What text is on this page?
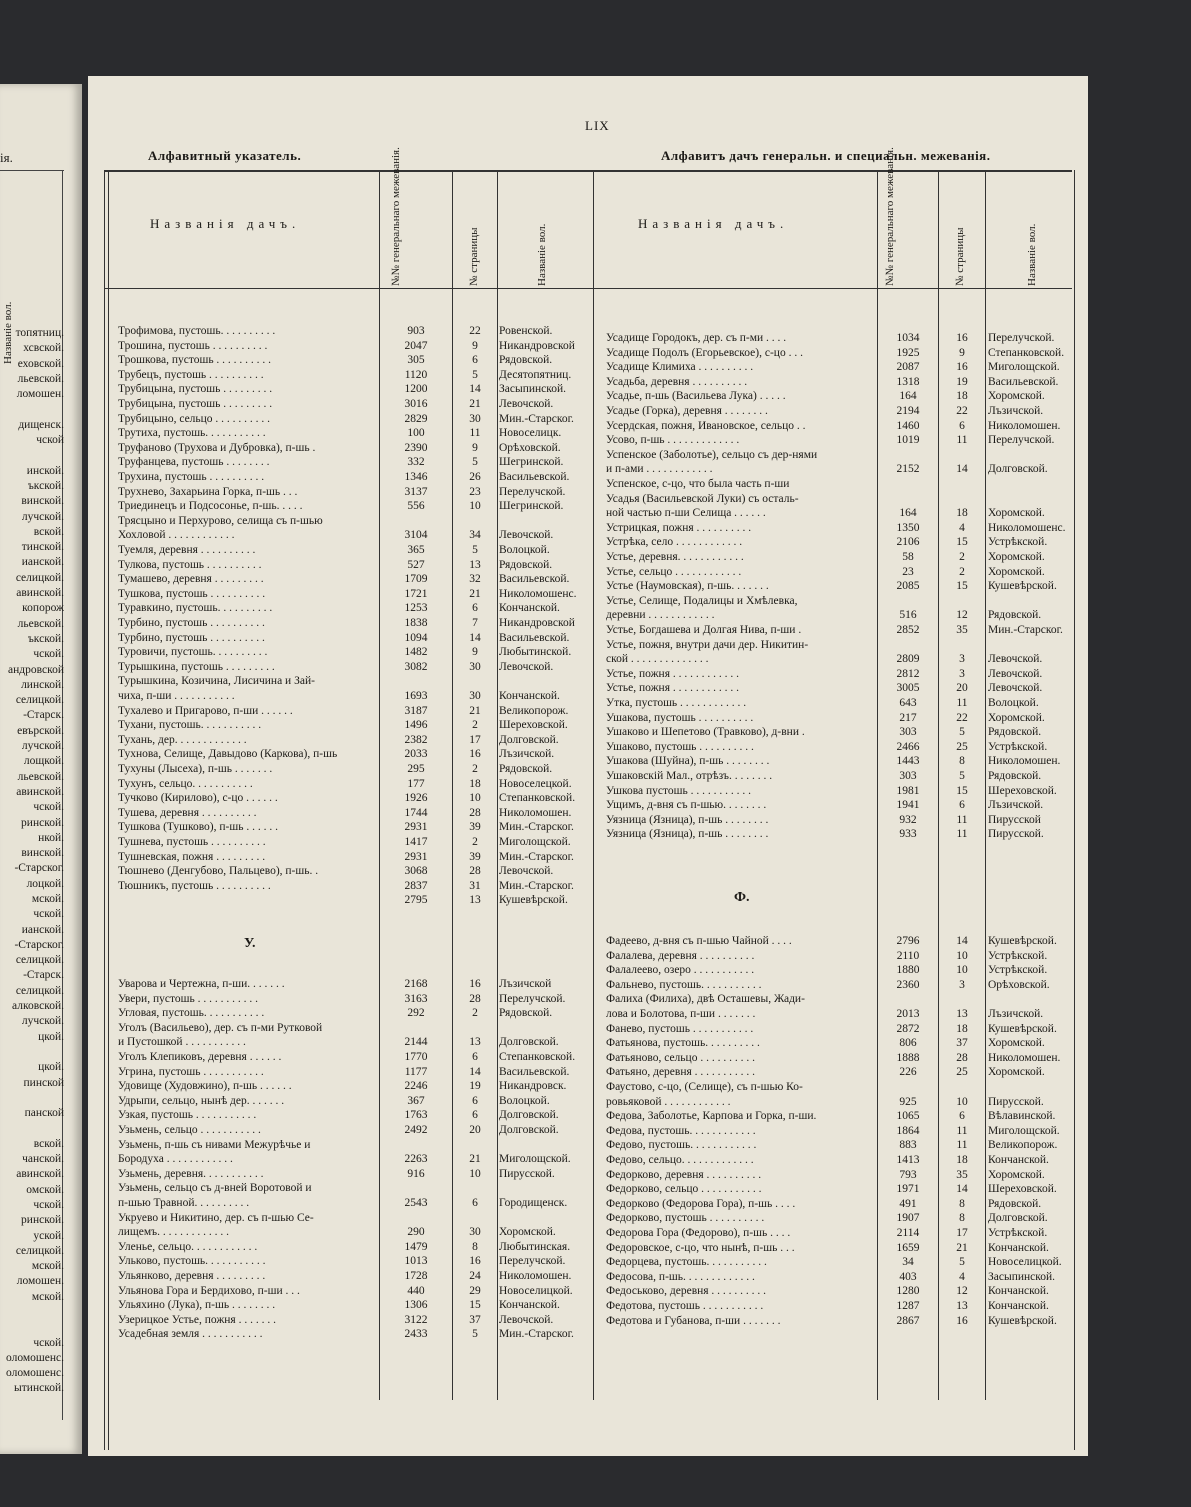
ія.
Названіе вол. топятниц.
хсвской.
еховской.
льевской.
ломошен.
дищенск.
чской
инской.
ъкской.
винской.
лучской.
вской.
тинской.
ианской.
селицкой.
авинской.
копорож
льевской.
ъкской.
чской.
андровской
линской.
селицкой.
-Старск.
евърской.
лучской.
лощкой.
льевской.
авинской.
чской.
ринской.
нкой.
винской.
-Старског.
лоцкой.
мской.
чской.
ианской.
-Старског.
селицкой.
-Старск.
селицкой.
алковской.
лучской.
цкой.
цкой.
пинской
панской
вской.
чанской.
авинской.
омской.
чской.
ринской.
уской.
селицкой.
мской.
ломошен.
мской.
чской.
оломошенс.
оломошенс.
ытинской.
LIX
Алфавитный указатель.	Алфавитъ дачъ генеральн. и специальн. межеванія.
Названія дачъ.	№№ генеральнаго межеванія.	№ страницы	Названіе вол.
Названія дачъ.	№№ генеральнаго межеванія.	№ страницы	Названіе вол.
У.
Ф.
Трофимова, пустошь. . . . . . . . . .	903	22	Ровенской.
Трошина, пустошь . . . . . . . . . .	2047	9	Никандровской
Трошкова, пустошь . . . . . . . . . .	305	6	Рядовской.
Трубецъ, пустошь . . . . . . . . . .	1120	5	Десятопятниц.
Трубицына, пустошь . . . . . . . . .	1200	14	Засыпинской.
Трубицына, пустошь . . . . . . . . .	3016	21	Левочской.
Трубицыно, сельцо . . . . . . . . . .	2829	30	Мин.-Старског.
Трутиха, пустошь. . . . . . . . . . .	100	11	Новоселицк.
Труфаново (Трухова и Дубровка), п-шь .	2390	9	Орѣховской.
Труфанцева, пустошь . . . . . . . .	332	5	Шегринской.
Трухина, пустошь . . . . . . . . . .	1346	26	Васильевской.
Трухнево, Захарьина Горка, п-шь . . .	3137	23	Перелучской.
Триединецъ и Подсосонье, п-шь. . . . .	556	10	Шегринской.
Трясцыно и Перхурово, селища съ п-шью
Хохловой . . . . . . . . . . . .	3104	34	Левочской.
Туемля, деревня . . . . . . . . . .	365	5	Волоцкой.
Тулкова, пустошь . . . . . . . . . .	527	13	Рядовской.
Тумашево, деревня . . . . . . . . .	1709	32	Васильевской.
Тушкова, пустошь . . . . . . . . . .	1721	21	Николомошенс.
Туравкино, пустошь. . . . . . . . . .	1253	6	Кончанской.
Турбино, пустошь . . . . . . . . . .	1838	7	Никандровской
Турбино, пустошь . . . . . . . . . .	1094	14	Васильевской.
Туровичи, пустошь. . . . . . . . . .	1482	9	Любытинской.
Турышкина, пустошь . . . . . . . . .	3082	30	Левочской.
Турышкина, Козичина, Лисичина и Зай-
чиха, п-ши . . . . . . . . . . .	1693	30	Кончанской.
Тухалево и Пригарово, п-ши . . . . . .	3187	21	Великопорож.
Тухани, пустошь. . . . . . . . . . .	1496	2	Шереховской.
Тухань, дер. . . . . . . . . . . . .	2382	17	Долговской.
Тухнова, Селище, Давыдово (Каркова), п-шь	2033	16	Лъзичской.
Тухуны (Лысеха), п-шь . . . . . . .	295	2	Рядовской.
Тухунъ, сельцо. . . . . . . . . . .	177	18	Новоселецкой.
Тучково (Кирилово), с-цо . . . . . .	1926	10	Степанковской.
Тушева, деревня . . . . . . . . . .	1744	28	Николомошен.
Тушкова (Тушково), п-шь . . . . . .	2931	39	Мин.-Старског.
Тушнева, пустошь . . . . . . . . . .	1417	2	Миголощской.
Тушневская, пожня . . . . . . . . .	2931	39	Мин.-Старског.
Тюшнево (Денгубово, Пальцево), п-шь. .	3068	28	Левочской.
Тюшникъ, пустошь . . . . . . . . . .	2837	31	Мин.-Старског.
2795	13	Кушевѣрской.
Уварова и Чертежна, п-ши. . . . . . .	2168	16	Лъзичской
Увери, пустошь . . . . . . . . . . .	3163	28	Перелучской.
Угловая, пустошь. . . . . . . . . . .	292	2	Рядовской.
Уголъ (Васильево), дер. съ п-ми Рутковой
и Пустошкой . . . . . . . . . . .	2144	13	Долговской.
Уголъ Клепиковъ, деревня . . . . . .	1770	6	Степанковской.
Угрина, пустошь . . . . . . . . . . .	1177	14	Васильевской.
Удовище (Худовжино), п-шь . . . . . .	2246	19	Никандровск.
Удрыпи, сельцо, нынѣ дер. . . . . . .	367	6	Волоцкой.
Узкая, пустошь . . . . . . . . . . .	1763	6	Долговской.
Узьмень, сельцо . . . . . . . . . . .	2492	20	Долговской.
Узьмень, п-шь съ нивами Межурѣчье и
Бородуха . . . . . . . . . . . .	2263	21	Миголощской.
Узьмень, деревня. . . . . . . . . . .	916	10	Пирусской.
Узьмень, сельцо съ д-вней Воротовой и
п-шью Травной. . . . . . . . . .	2543	6	Городищенск.
Укруево и Никитино, дер. съ п-шью Се-
лищемъ. . . . . . . . . . . . .	290	30	Хоромской.
Уленье, сельцо. . . . . . . . . . . .	1479	8	Любытинская.
Ульково, пустошь. . . . . . . . . . .	1013	16	Перелучской.
Ульянково, деревня . . . . . . . . .	1728	24	Николомошен.
Ульянова Гора и Бердихово, п-ши . . .	440	29	Новоселицкой.
Ульяхино (Лука), п-шь . . . . . . . .	1306	15	Кончанской.
Узерицкое Устье, пожня . . . . . . .	3122	37	Левочской.
Усадебная земля . . . . . . . . . . .	2433	5	Мин.-Старског.
Усадище Городокъ, дер. съ п-ми . . . .	1034	16	Перелучской.
Усадище Подолъ (Егорьевское), с-цо . . .	1925	9	Степанковской.
Усадище Климиха . . . . . . . . . .	2087	16	Миголощской.
Усадьба, деревня . . . . . . . . . .	1318	19	Васильевской.
Усадье, п-шь (Васильева Лука) . . . . .	164	18	Хоромской.
Усадье (Горка), деревня . . . . . . . .	2194	22	Лъзичской.
Усердская, пожня, Ивановское, сельцо . .	1460	6	Николомошен.
Усово, п-шь . . . . . . . . . . . . .	1019	11	Перелучской.
Успенское (Заболотье), сельцо съ дер-нями
и п-ами . . . . . . . . . . . .	2152	14	Долговской.
Успенское, с-цо, что была часть п-ши
Усадья (Васильевской Луки) съ осталь-
ной частью п-ши Селища . . . . . .	164	18	Хоромской.
Устрицкая, пожня . . . . . . . . . .	1350	4	Николомошенс.
Устрѣка, село . . . . . . . . . . . .	2106	15	Устрѣкской.
Устье, деревня. . . . . . . . . . . .	58	2	Хоромской.
Устье, сельцо . . . . . . . . . . . .	23	2	Хоромской.
Устье (Наумовская), п-шь. . . . . . .	2085	15	Кушевѣрской.
Устье, Селище, Подалицы и Хмѣлевка,
деревни . . . . . . . . . . . .	516	12	Рядовской.
Устье, Богдашева и Долгая Нива, п-ши .	2852	35	Мин.-Старског.
Устье, пожня, внутри дачи дер. Никитин-
ской . . . . . . . . . . . . . .	2809	3	Левочской.
Устье, пожня . . . . . . . . . . . .	2812	3	Левочской.
Устье, пожня . . . . . . . . . . . .	3005	20	Левочской.
Утка, пустошь . . . . . . . . . . . .	643	11	Волоцкой.
Ушакова, пустошь . . . . . . . . . .	217	22	Хоромской.
Ушаково и Шепетово (Травково), д-вни .	303	5	Рядовской.
Ушаково, пустошь . . . . . . . . . .	2466	25	Устрѣкской.
Ушакова (Шуйна), п-шь . . . . . . . .	1443	8	Николомошен.
Ушаковскій Мал., отрѣзъ. . . . . . . .	303	5	Рядовской.
Ушкова пустошь . . . . . . . . . . .	1981	15	Шереховской.
Ущимъ, д-вня съ п-шью. . . . . . . .	1941	6	Лъзичской.
Уязница (Язница), п-шь . . . . . . . .	932	11	Пирусской
Уязница (Язница), п-шь . . . . . . . .	933	11	Пирусской.
Фадеево, д-вня съ п-шью Чайной . . . .	2796	14	Кушевѣрской.
Фалалева, деревня . . . . . . . . . .	2110	10	Устрѣкской.
Фалалеево, озеро . . . . . . . . . . .	1880	10	Устрѣкской.
Фальнево, пустошь. . . . . . . . . . .	2360	3	Орѣховской.
Фалиха (Филиха), двѣ Осташевы, Жади-
лова и Болотова, п-ши . . . . . . .	2013	13	Лъзичской.
Фанево, пустошь . . . . . . . . . . .	2872	18	Кушевѣрской.
Фатьянова, пустошь. . . . . . . . . .	806	37	Хоромской.
Фатьяново, сельцо . . . . . . . . . .	1888	28	Николомошен.
Фатьяно, деревня . . . . . . . . . . .	226	25	Хоромской.
Фаустово, с-цо, (Селище), съ п-шью Ко-
ровьяковой . . . . . . . . . . . .	925	10	Пирусской.
Федова, Заболотье, Карпова и Горка, п-ши.	1065	6	Вѣлавинской.
Федова, пустошь. . . . . . . . . . . .	1864	11	Миголощской.
Федово, пустошь. . . . . . . . . . . .	883	11	Великопорож.
Федово, сельцо. . . . . . . . . . . . .	1413	18	Кончанской.
Федорково, деревня . . . . . . . . . .	793	35	Хоромской.
Федорково, сельцо . . . . . . . . . . .	1971	14	Шереховской.
Федорково (Федорова Гора), п-шь . . . .	491	8	Рядовской.
Федорково, пустошь . . . . . . . . . .	1907	8	Долговской.
Федорова Гора (Федорово), п-шь . . . .	2114	17	Устрѣкской.
Федоровское, с-цо, что нынѣ, п-шь . . .	1659	21	Кончанской.
Федорцева, пустошь. . . . . . . . . . .	34	5	Новоселицкой.
Федосова, п-шь. . . . . . . . . . . . .	403	4	Засыпинской.
Федоськово, деревня . . . . . . . . . .	1280	12	Кончанской.
Федотова, пустошь . . . . . . . . . . .	1287	13	Кончанской.
Федотова и Губанова, п-ши . . . . . . .	2867	16	Кушевѣрской.
